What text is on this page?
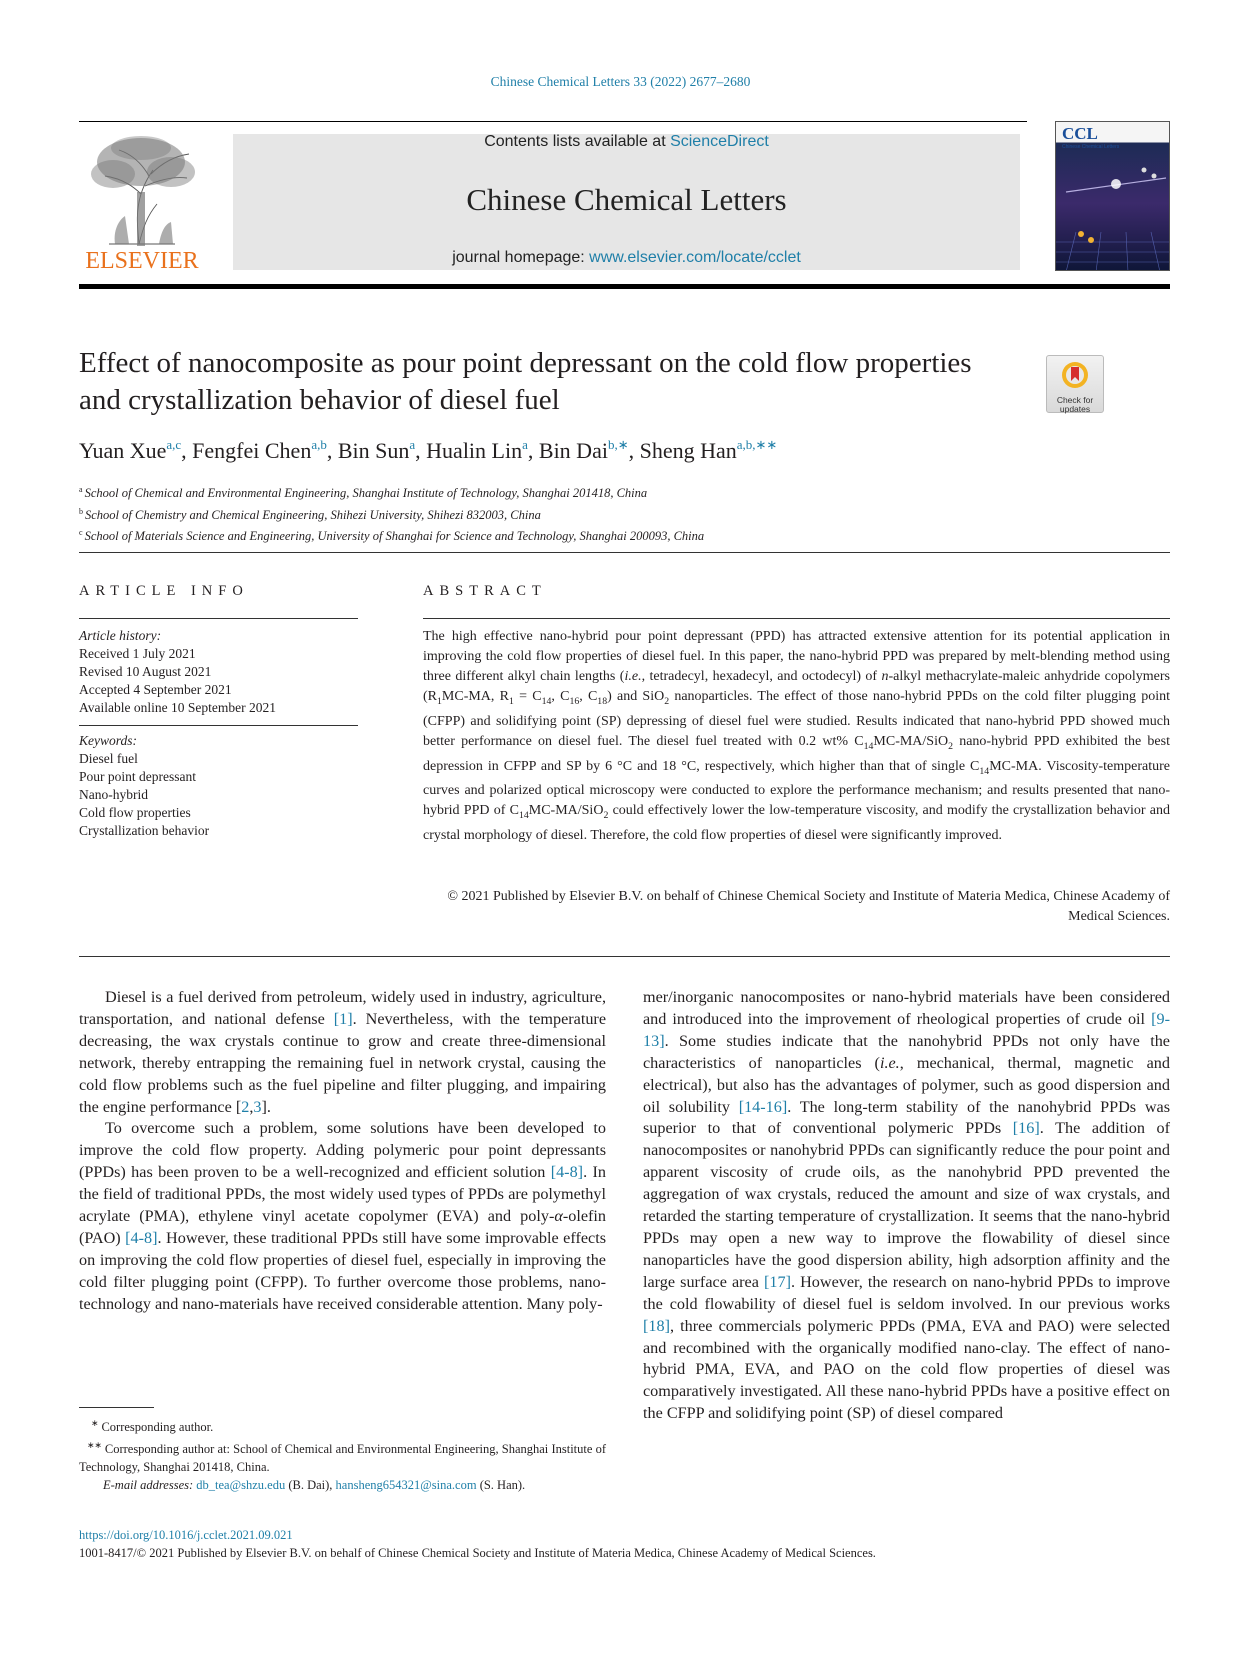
Chinese Chemical Letters 33 (2022) 2677–2680
ELSEVIER
Contents lists available at ScienceDirect
Chinese Chemical Letters
journal homepage: www.elsevier.com/locate/cclet
CCL
Chinese Chemical Letters
Effect of nanocomposite as pour point depressant on the cold flow properties and crystallization behavior of diesel fuel	Check for updates
Yuan Xue$^{a,c}$, Fengfei Chen$^{a,b}$, Bin Sun$^a$, Hualin Lin$^a$, Bin Dai$^{b,∗}$, Sheng Han$^{a,b,∗∗}$
$^a$ School of Chemical and Environmental Engineering, Shanghai Institute of Technology, Shanghai 201418, China
$^b$ School of Chemistry and Chemical Engineering, Shihezi University, Shihezi 832003, China
$^c$ School of Materials Science and Engineering, University of Shanghai for Science and Technology, Shanghai 200093, China
ARTICLE INFO	ABSTRACT
Article history:
Received 1 July 2021
Revised 10 August 2021
Accepted 4 September 2021
Available online 10 September 2021
Keywords:
Diesel fuel
Pour point depressant
Nano-hybrid
Cold flow properties
Crystallization behavior
The high effective nano-hybrid pour point depressant (PPD) has attracted extensive attention for its potential application in improving the cold flow properties of diesel fuel. In this paper, the nano-hybrid PPD was prepared by melt-blending method using three different alkyl chain lengths (i.e., tetradecyl, hexadecyl, and octodecyl) of n-alkyl methacrylate-maleic anhydride copolymers ($R_1MC-MA$, $R_1 = C_{14}$, $C_{16}$, $C_{18}$) and SiO$_2$ nanoparticles. The effect of those nano-hybrid PPDs on the cold filter plugging point (CFPP) and solidifying point (SP) depressing of diesel fuel were studied. Results indicated that nano-hybrid PPD showed much better performance on diesel fuel. The diesel fuel treated with 0.2 wt% $C_{14}MC-MA/SiO_2$ nano-hybrid PPD exhibited the best depression in CFPP and SP by 6 °C and 18 °C, respectively, which higher than that of single $C_{14}MC-MA$. Viscosity-temperature curves and polarized optical microscopy were conducted to explore the performance mechanism; and results presented that nano-hybrid PPD of $C_{14}MC-MA/SiO_2$ could effectively lower the low-temperature viscosity, and modify the crystallization behavior and crystal morphology of diesel. Therefore, the cold flow properties of diesel were significantly improved.
© 2021 Published by Elsevier B.V. on behalf of Chinese Chemical Society and Institute of Materia Medica, Chinese Academy of Medical Sciences.

Diesel is a fuel derived from petroleum, widely used in industry, agriculture, transportation, and national defense [1]. Nevertheless, with the temperature decreasing, the wax crystals continue to grow and create three-dimensional network, thereby entrapping the remaining fuel in network crystal, causing the cold flow problems such as the fuel pipeline and filter plugging, and impairing the engine performance [2,3].

To overcome such a problem, some solutions have been developed to improve the cold flow property. Adding polymeric pour point depressants (PPDs) has been proven to be a well-recognized and efficient solution [4-8]. In the field of traditional PPDs, the most widely used types of PPDs are polymethyl acrylate (PMA), ethylene vinyl acetate copolymer (EVA) and poly-α-olefin (PAO) [4-8]. However, these traditional PPDs still have some improvable effects on improving the cold flow properties of diesel fuel, especially in improving the cold filter plugging point (CFPP). To further overcome those problems, nano-technology and nano-materials have received considerable attention. Many poly-

mer/inorganic nanocomposites or nano-hybrid materials have been considered and introduced into the improvement of rheological properties of crude oil [9-13]. Some studies indicate that the nanohybrid PPDs not only have the characteristics of nanoparticles (i.e., mechanical, thermal, magnetic and electrical), but also has the advantages of polymer, such as good dispersion and oil solubility [14-16]. The long-term stability of the nanohybrid PPDs was superior to that of conventional polymeric PPDs [16]. The addition of nanocomposites or nanohybrid PPDs can significantly reduce the pour point and apparent viscosity of crude oils, as the nanohybrid PPD prevented the aggregation of wax crystals, reduced the amount and size of wax crystals, and retarded the starting temperature of crystallization. It seems that the nano-hybrid PPDs may open a new way to improve the flowability of diesel since nanoparticles have the good dispersion ability, high adsorption affinity and the large surface area [17]. However, the research on nano-hybrid PPDs to improve the cold flowability of diesel fuel is seldom involved. In our previous works [18], three commercials polymeric PPDs (PMA, EVA and PAO) were selected and recombined with the organically modified nano-clay. The effect of nano-hybrid PMA, EVA, and PAO on the cold flow properties of diesel was comparatively investigated. All these nano-hybrid PPDs have a positive effect on the CFPP and solidifying point (SP) of diesel compared

∗ Corresponding author.

∗∗ Corresponding author at: School of Chemical and Environmental Engineering, Shanghai Institute of Technology, Shanghai 201418, China.

E-mail addresses: db_tea@shzu.edu (B. Dai), hansheng654321@sina.com (S. Han).

https://doi.org/10.1016/j.cclet.2021.09.021
1001-8417/© 2021 Published by Elsevier B.V. on behalf of Chinese Chemical Society and Institute of Materia Medica, Chinese Academy of Medical Sciences.
